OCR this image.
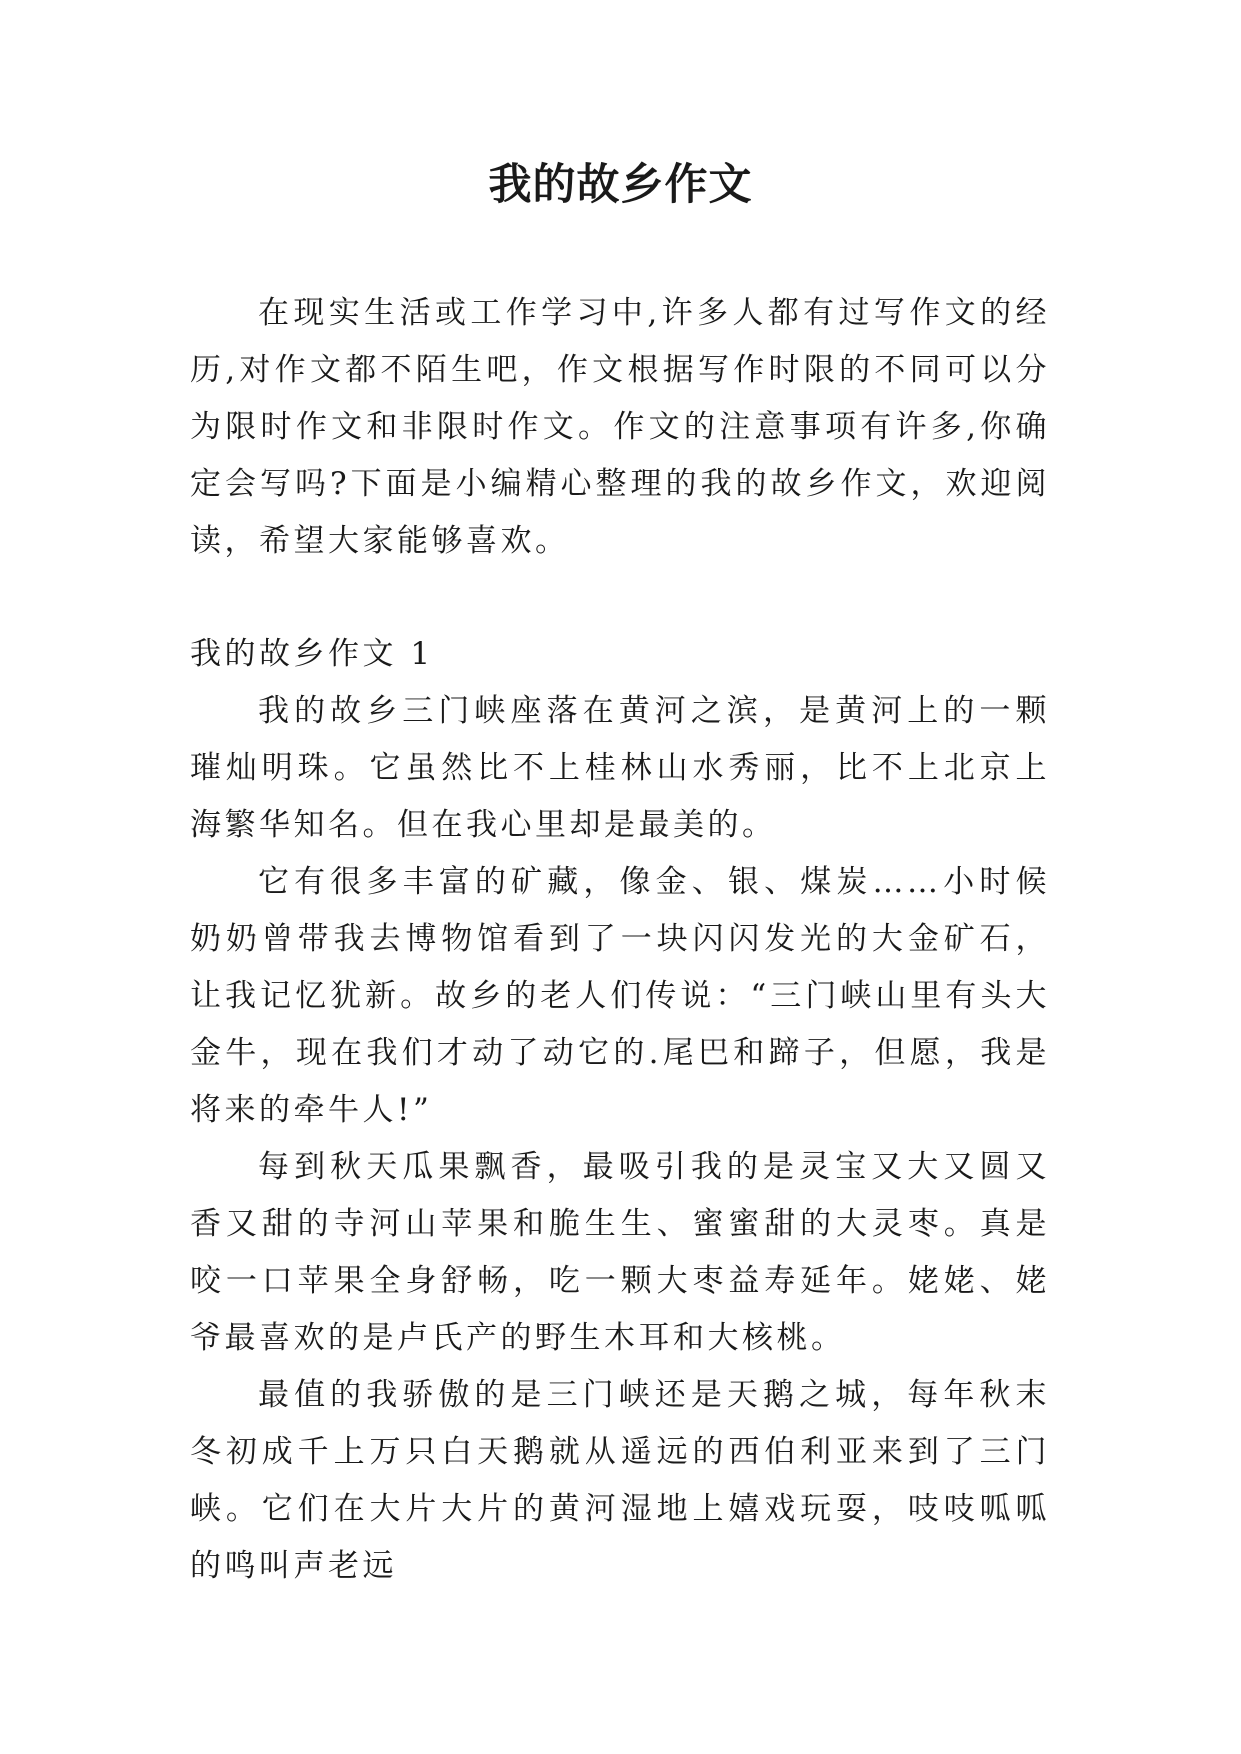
我的故乡作文

在现实生活或工作学习中,许多人都有过写作文的经历,对作文都不陌生吧，作文根据写作时限的不同可以分为限时作文和非限时作文。作文的注意事项有许多,你确定会写吗?下面是小编精心整理的我的故乡作文，欢迎阅读，希望大家能够喜欢。

我的故乡作文 1

我的故乡三门峡座落在黄河之滨，是黄河上的一颗璀灿明珠。它虽然比不上桂林山水秀丽，比不上北京上海繁华知名。但在我心里却是最美的。

它有很多丰富的矿藏，像金、银、煤炭……小时候奶奶曾带我去博物馆看到了一块闪闪发光的大金矿石，让我记忆犹新。故乡的老人们传说：“三门峡山里有头大金牛，现在我们才动了动它的.尾巴和蹄子，但愿，我是将来的牵牛人!”

每到秋天瓜果飘香，最吸引我的是灵宝又大又圆又香又甜的寺河山苹果和脆生生、蜜蜜甜的大灵枣。真是咬一口苹果全身舒畅，吃一颗大枣益寿延年。姥姥、姥爷最喜欢的是卢氏产的野生木耳和大核桃。

最值的我骄傲的是三门峡还是天鹅之城，每年秋末冬初成千上万只白天鹅就从遥远的西伯利亚来到了三门峡。它们在大片大片的黄河湿地上嬉戏玩耍，吱吱呱呱的鸣叫声老远
